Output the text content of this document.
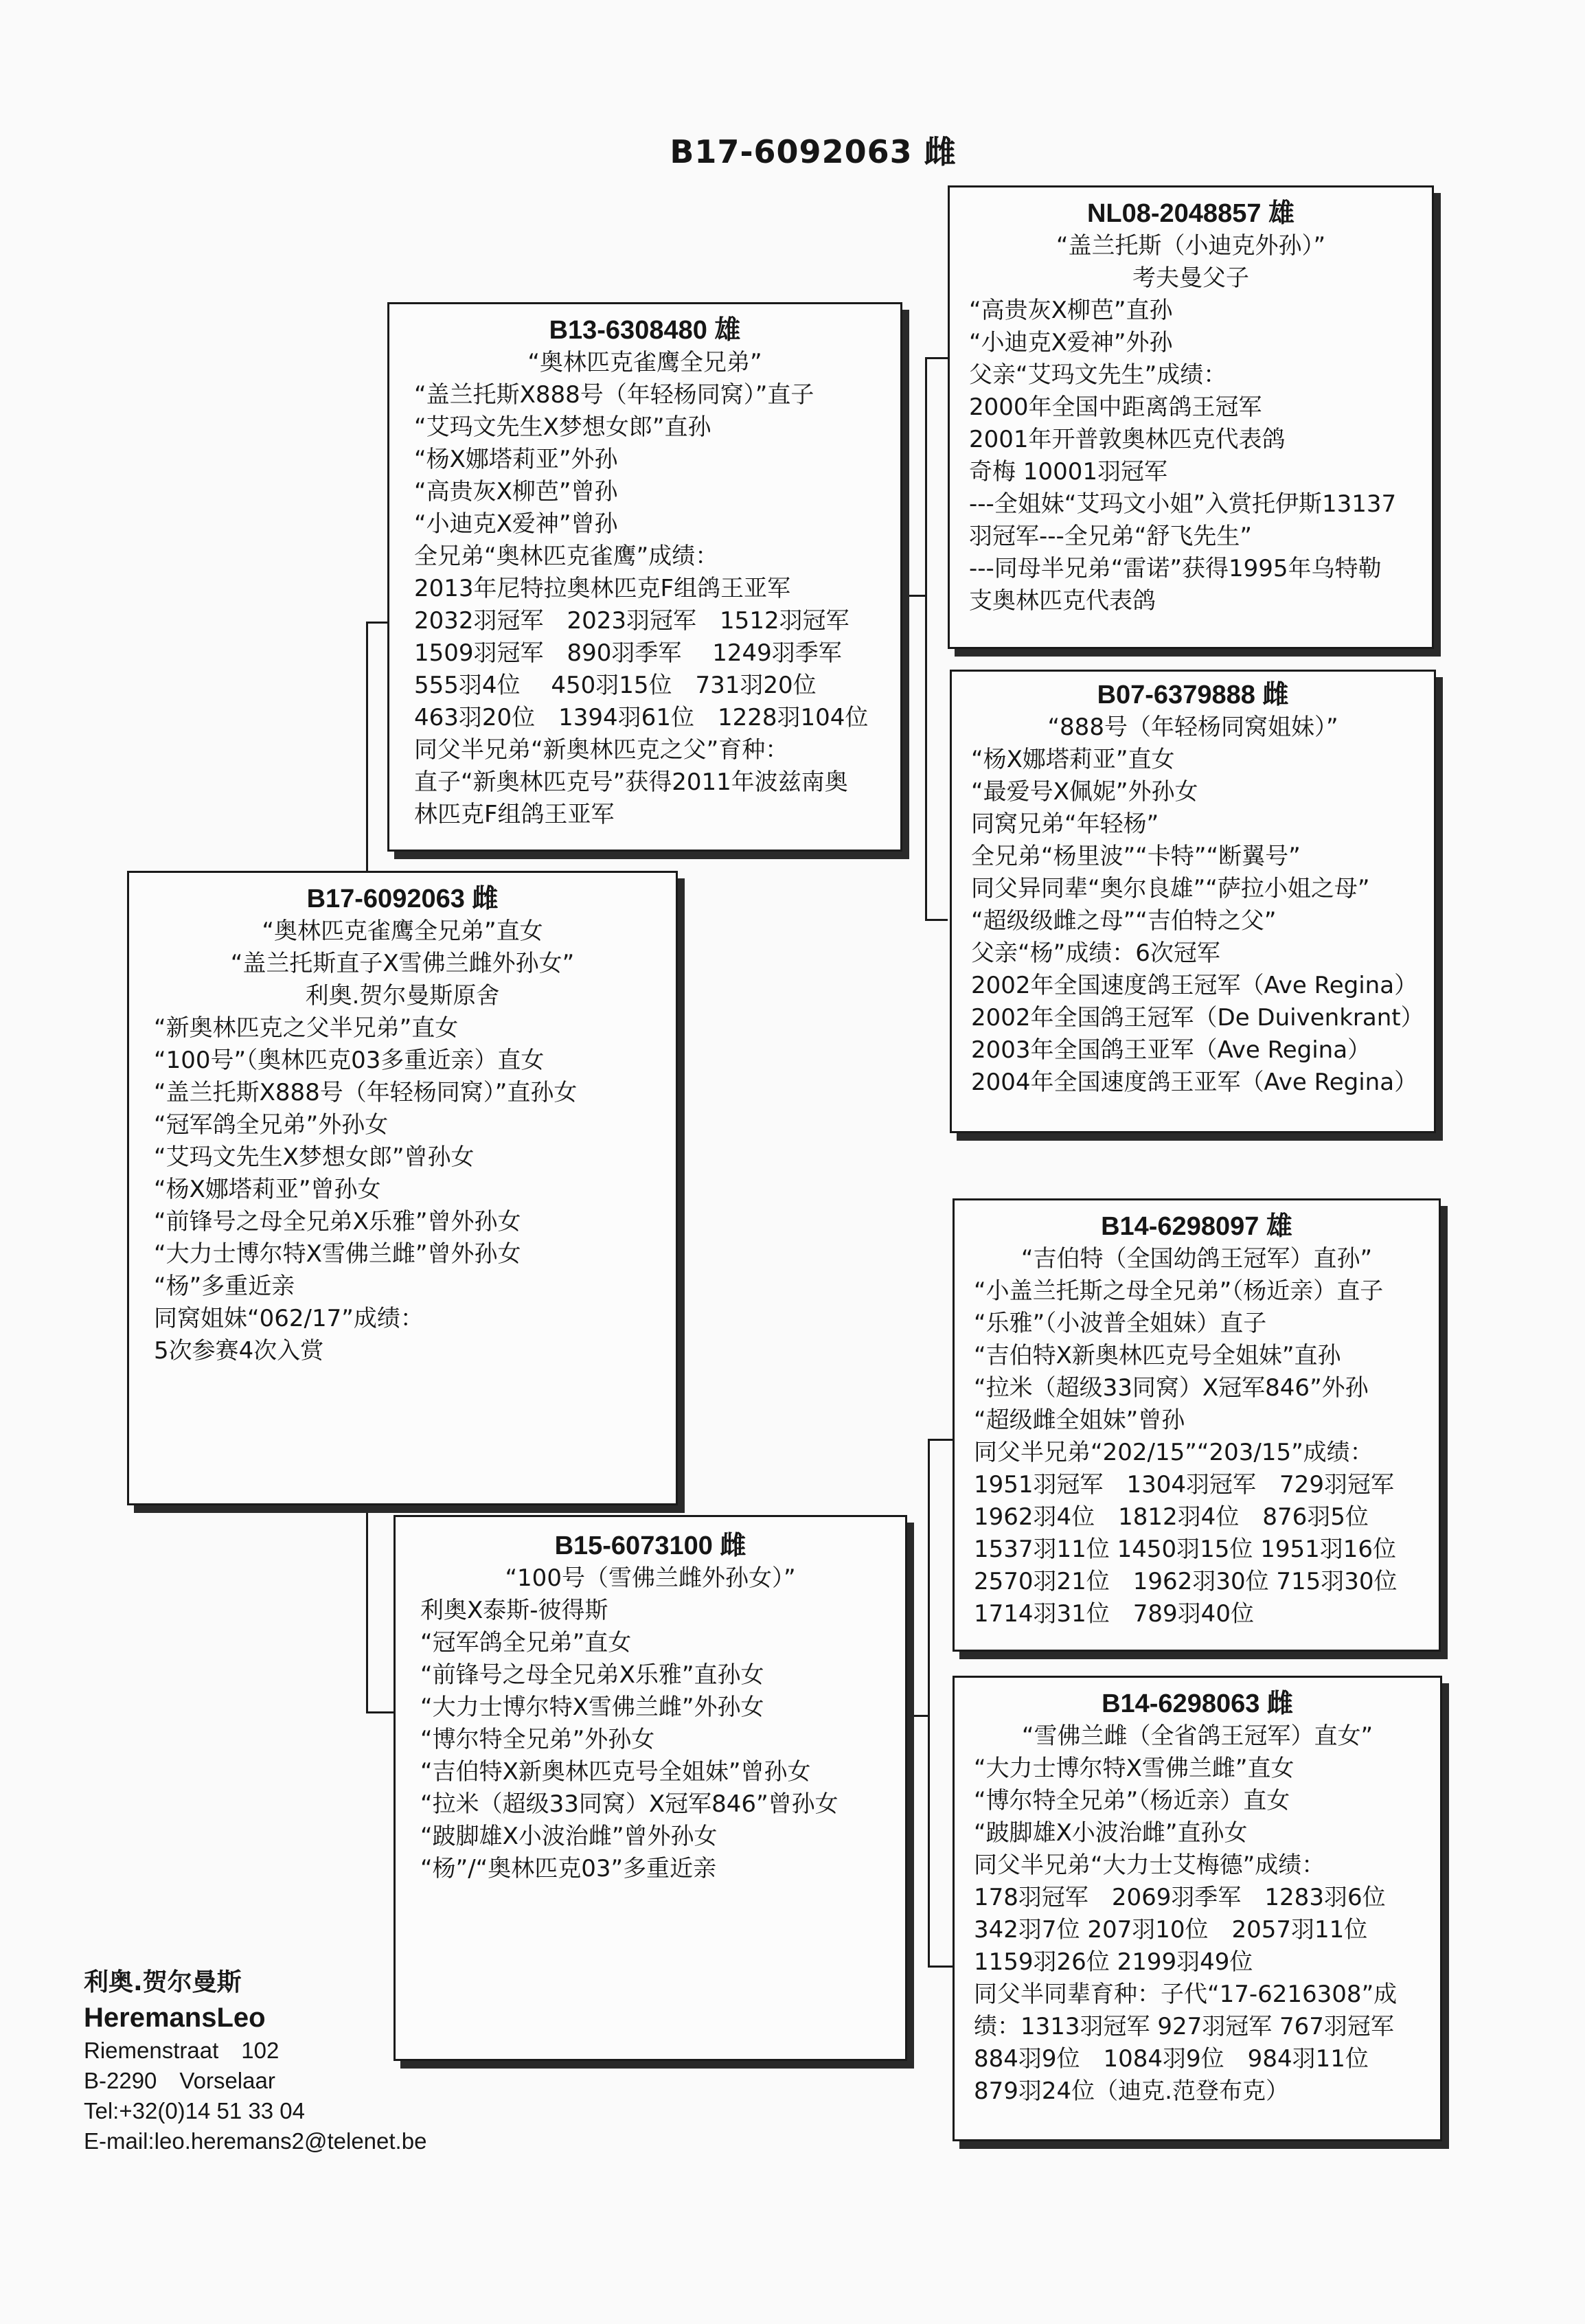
B17-6092063 雌
B13-6308480 雄
“奥林匹克雀鹰全兄弟”
“盖兰托斯X888号（年轻杨同窝）”直子
“艾玛文先生X梦想女郎”直孙
“杨X娜塔莉亚”外孙
“高贵灰X柳芭”曾孙
“小迪克X爱神”曾孙
全兄弟“奥林匹克雀鹰”成绩：
2013年尼特拉奥林匹克F组鸽王亚军
2032羽冠军　2023羽冠军　1512羽冠军
1509羽冠军　890羽季军　 1249羽季军
555羽4位　 450羽15位　731羽20位
463羽20位　1394羽61位　1228羽104位
同父半兄弟“新奥林匹克之父”育种：
直子“新奥林匹克号”获得2011年波兹南奥
林匹克F组鸽王亚军
B17-6092063 雌
“奥林匹克雀鹰全兄弟”直女
“盖兰托斯直子X雪佛兰雌外孙女”
利奥.贺尔曼斯原舍
“新奥林匹克之父半兄弟”直女
“100号”（奥林匹克03多重近亲）直女
“盖兰托斯X888号（年轻杨同窝）”直孙女
“冠军鸽全兄弟”外孙女
“艾玛文先生X梦想女郎”曾孙女
“杨X娜塔莉亚”曾孙女
“前锋号之母全兄弟X乐雅”曾外孙女
“大力士博尔特X雪佛兰雌”曾外孙女
“杨”多重近亲
同窝姐妹“062/17”成绩：
5次参赛4次入赏
B15-6073100 雌
“100号（雪佛兰雌外孙女）”
利奥X泰斯-彼得斯
“冠军鸽全兄弟”直女
“前锋号之母全兄弟X乐雅”直孙女
“大力士博尔特X雪佛兰雌”外孙女
“博尔特全兄弟”外孙女
“吉伯特X新奥林匹克号全姐妹”曾孙女
“拉米（超级33同窝）X冠军846”曾孙女
“跛脚雄X小波治雌”曾外孙女
“杨”/“奥林匹克03”多重近亲
NL08-2048857 雄
“盖兰托斯（小迪克外孙）”
考夫曼父子
“高贵灰X柳芭”直孙
“小迪克X爱神”外孙
父亲“艾玛文先生”成绩：
2000年全国中距离鸽王冠军
2001年开普敦奥林匹克代表鸽
奇梅 10001羽冠军
---全姐妹“艾玛文小姐”入赏托伊斯13137
羽冠军---全兄弟“舒飞先生”
---同母半兄弟“雷诺”获得1995年乌特勒
支奥林匹克代表鸽
B07-6379888 雌
“888号（年轻杨同窝姐妹）”
“杨X娜塔莉亚”直女
“最爱号X佩妮”外孙女
同窝兄弟“年轻杨”
全兄弟“杨里波”“卡特”“断翼号”
同父异同辈“奥尔良雄”“萨拉小姐之母”
“超级级雌之母”“吉伯特之父”
父亲“杨”成绩：6次冠军
2002年全国速度鸽王冠军（Ave Regina）
2002年全国鸽王冠军（De Duivenkrant）
2003年全国鸽王亚军（Ave Regina）
2004年全国速度鸽王亚军（Ave Regina）
B14-6298097 雄
“吉伯特（全国幼鸽王冠军）直孙”
“小盖兰托斯之母全兄弟”（杨近亲）直子
“乐雅”（小波普全姐妹）直子
“吉伯特X新奥林匹克号全姐妹”直孙
“拉米（超级33同窝）X冠军846”外孙
“超级雌全姐妹”曾孙
同父半兄弟“202/15”“203/15”成绩：
1951羽冠军　1304羽冠军　729羽冠军
1962羽4位　1812羽4位　876羽5位
1537羽11位 1450羽15位 1951羽16位
2570羽21位　1962羽30位 715羽30位
1714羽31位　789羽40位
B14-6298063 雌
“雪佛兰雌（全省鸽王冠军）直女”
“大力士博尔特X雪佛兰雌”直女
“博尔特全兄弟”（杨近亲）直女
“跛脚雄X小波治雌”直孙女
同父半兄弟“大力士艾梅德”成绩：
178羽冠军　2069羽季军　1283羽6位
342羽7位 207羽10位　2057羽11位
1159羽26位 2199羽49位
同父半同辈育种：子代“17-6216308”成
绩：1313羽冠军 927羽冠军 767羽冠军
884羽9位　1084羽9位　984羽11位
879羽24位（迪克.范登布克）
利奥.贺尔曼斯
HeremansLeo
Riemenstraat　102
B-2290　Vorselaar
Tel:+32(0)14 51 33 04
E-mail:leo.heremans2@telenet.be
